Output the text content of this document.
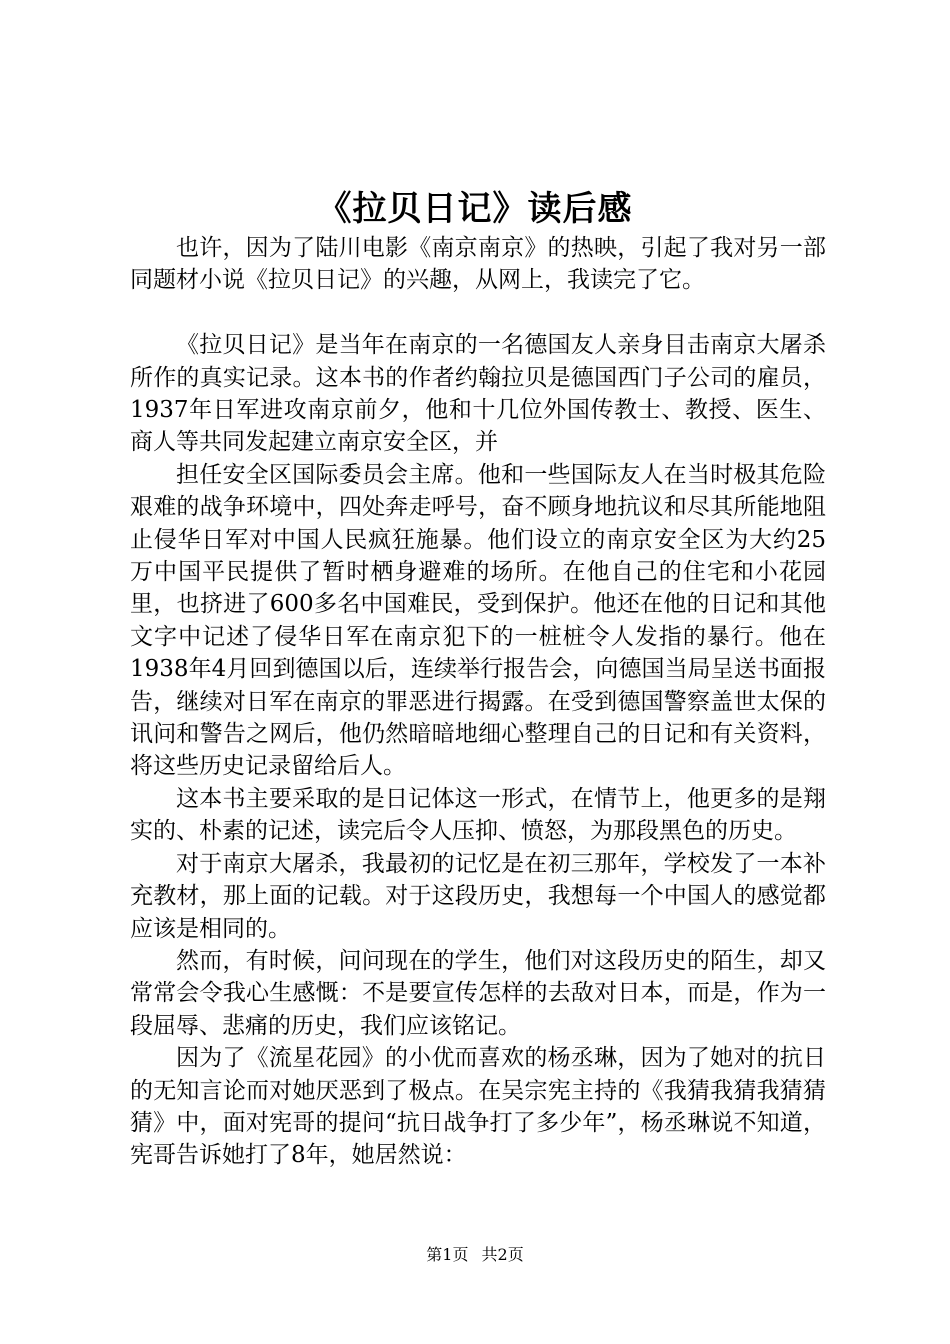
《拉贝日记》读后感

也许，因为了陆川电影《南京南京》的热映，引起了我对另一部同题材小说《拉贝日记》的兴趣，从网上，我读完了它。

《拉贝日记》是当年在南京的一名德国友人亲身目击南京大屠杀所作的真实记录。这本书的作者约翰拉贝是德国西门子公司的雇员，1937年日军进攻南京前夕，他和十几位外国传教士、教授、医生、商人等共同发起建立南京安全区，并

担任安全区国际委员会主席。他和一些国际友人在当时极其危险艰难的战争环境中，四处奔走呼号，奋不顾身地抗议和尽其所能地阻止侵华日军对中国人民疯狂施暴。他们设立的南京安全区为大约25万中国平民提供了暂时栖身避难的场所。在他自己的住宅和小花园里，也挤进了600多名中国难民，受到保护。他还在他的日记和其他文字中记述了侵华日军在南京犯下的一桩桩令人发指的暴行。他在1938年4月回到德国以后，连续举行报告会，向德国当局呈送书面报告，继续对日军在南京的罪恶进行揭露。在受到德国警察盖世太保的讯问和警告之网后，他仍然暗暗地细心整理自己的日记和有关资料，将这些历史记录留给后人。

这本书主要采取的是日记体这一形式，在情节上，他更多的是翔实的、朴素的记述，读完后令人压抑、愤怒，为那段黑色的历史。

对于南京大屠杀，我最初的记忆是在初三那年，学校发了一本补充教材，那上面的记载。对于这段历史，我想每一个中国人的感觉都应该是相同的。

然而，有时候，问问现在的学生，他们对这段历史的陌生，却又常常会令我心生感慨：不是要宣传怎样的去敌对日本，而是，作为一段屈辱、悲痛的历史，我们应该铭记。

因为了《流星花园》的小优而喜欢的杨丞琳，因为了她对的抗日的无知言论而对她厌恶到了极点。在吴宗宪主持的《我猜我猜我猜猜猜》中，面对宪哥的提问“抗日战争打了多少年”，杨丞琳说不知道，宪哥告诉她打了8年，她居然说：

第1页 共2页
